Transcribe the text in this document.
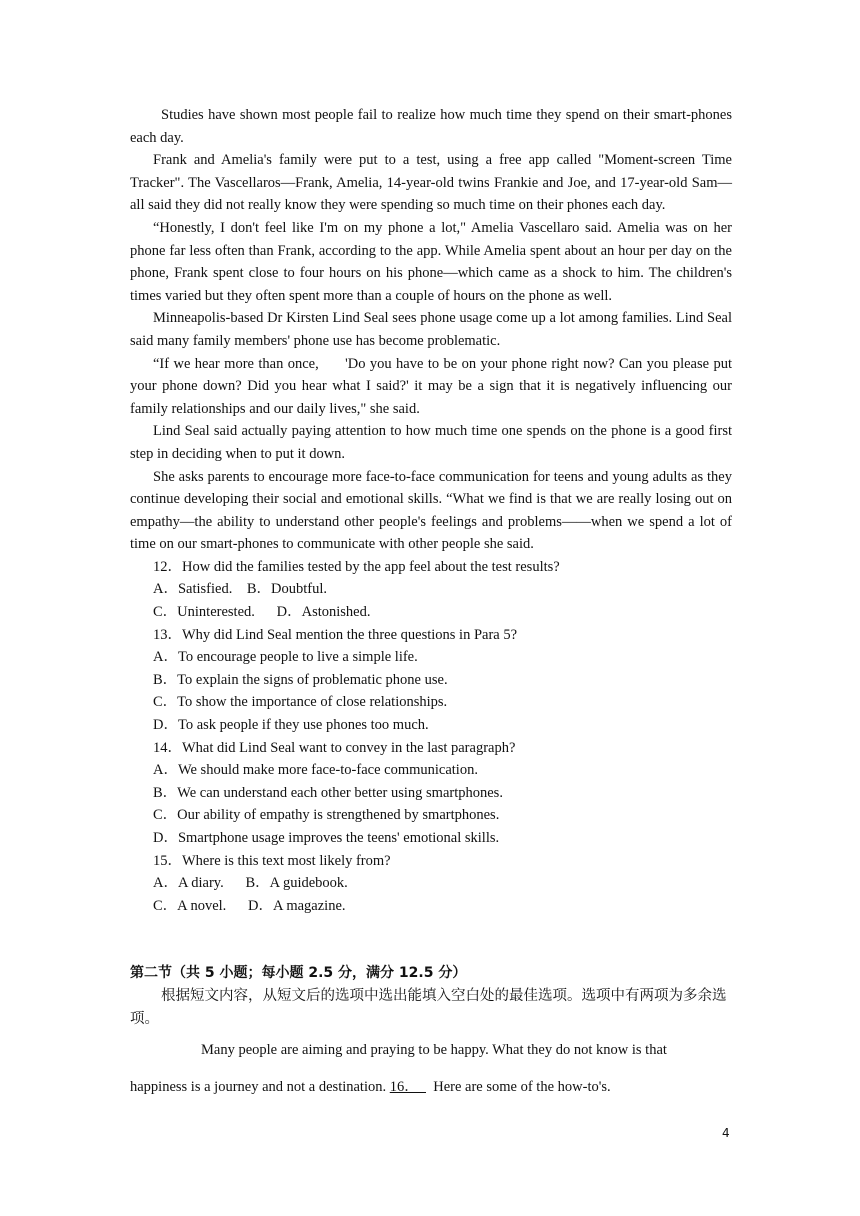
Studies have shown most people fail to realize how much time they spend on their smart-phones each day.

Frank and Amelia's family were put to a test, using a free app called "Moment-screen Time Tracker". The Vascellaros—Frank, Amelia, 14-year-old twins Frankie and Joe, and 17-year-old Sam—all said they did not really know they were spending so much time on their phones each day.

“Honestly, I don't feel like I'm on my phone a lot," Amelia Vascellaro said. Amelia was on her phone far less often than Frank, according to the app. While Amelia spent about an hour per day on the phone, Frank spent close to four hours on his phone—which came as a shock to him. The children's times varied but they often spent more than a couple of hours on the phone as well.

Minneapolis-based Dr Kirsten Lind Seal sees phone usage come up a lot among families. Lind Seal said many family members' phone use has become problematic.

“If we hear more than once,      'Do you have to be on your phone right now? Can you please put your phone down? Did you hear what I said?' it may be a sign that it is negatively influencing our family relationships and our daily lives," she said.

Lind Seal said actually paying attention to how much time one spends on the phone is a good first step in deciding when to put it down.

She asks parents to encourage more face-to-face communication for teens and young adults as they continue developing their social and emotional skills. “What we find is that we are really losing out on empathy—the ability to understand other people's feelings and problems——when we spend a lot of time on our smart-phones to communicate with other people she said.

12．How did the families tested by the app feel about the test results?

A．Satisfied.    B．Doubtful.

C．Uninterested.      D．Astonished.

13．Why did Lind Seal mention the three questions in Para 5?

A．To encourage people to live a simple life.

B．To explain the signs of problematic phone use.

C．To show the importance of close relationships.

D．To ask people if they use phones too much.

14．What did Lind Seal want to convey in the last paragraph?

A．We should make more face-to-face communication.

B．We can understand each other better using smartphones.

C．Our ability of empathy is strengthened by smartphones.

D．Smartphone usage improves the teens' emotional skills.

15．Where is this text most likely from?

A．A diary.      B．A guidebook.

C．A novel.      D．A magazine.

第二节（共 5 小题；每小题 2.5 分，满分 12.5 分）

根据短文内容，从短文后的选项中选出能填入空白处的最佳选项。选项中有两项为多余选项。

Many people are aiming and praying to be happy. What they do not know is that

happiness is a journey and not a destination. 16．    Here are some of the how-to's.

4
